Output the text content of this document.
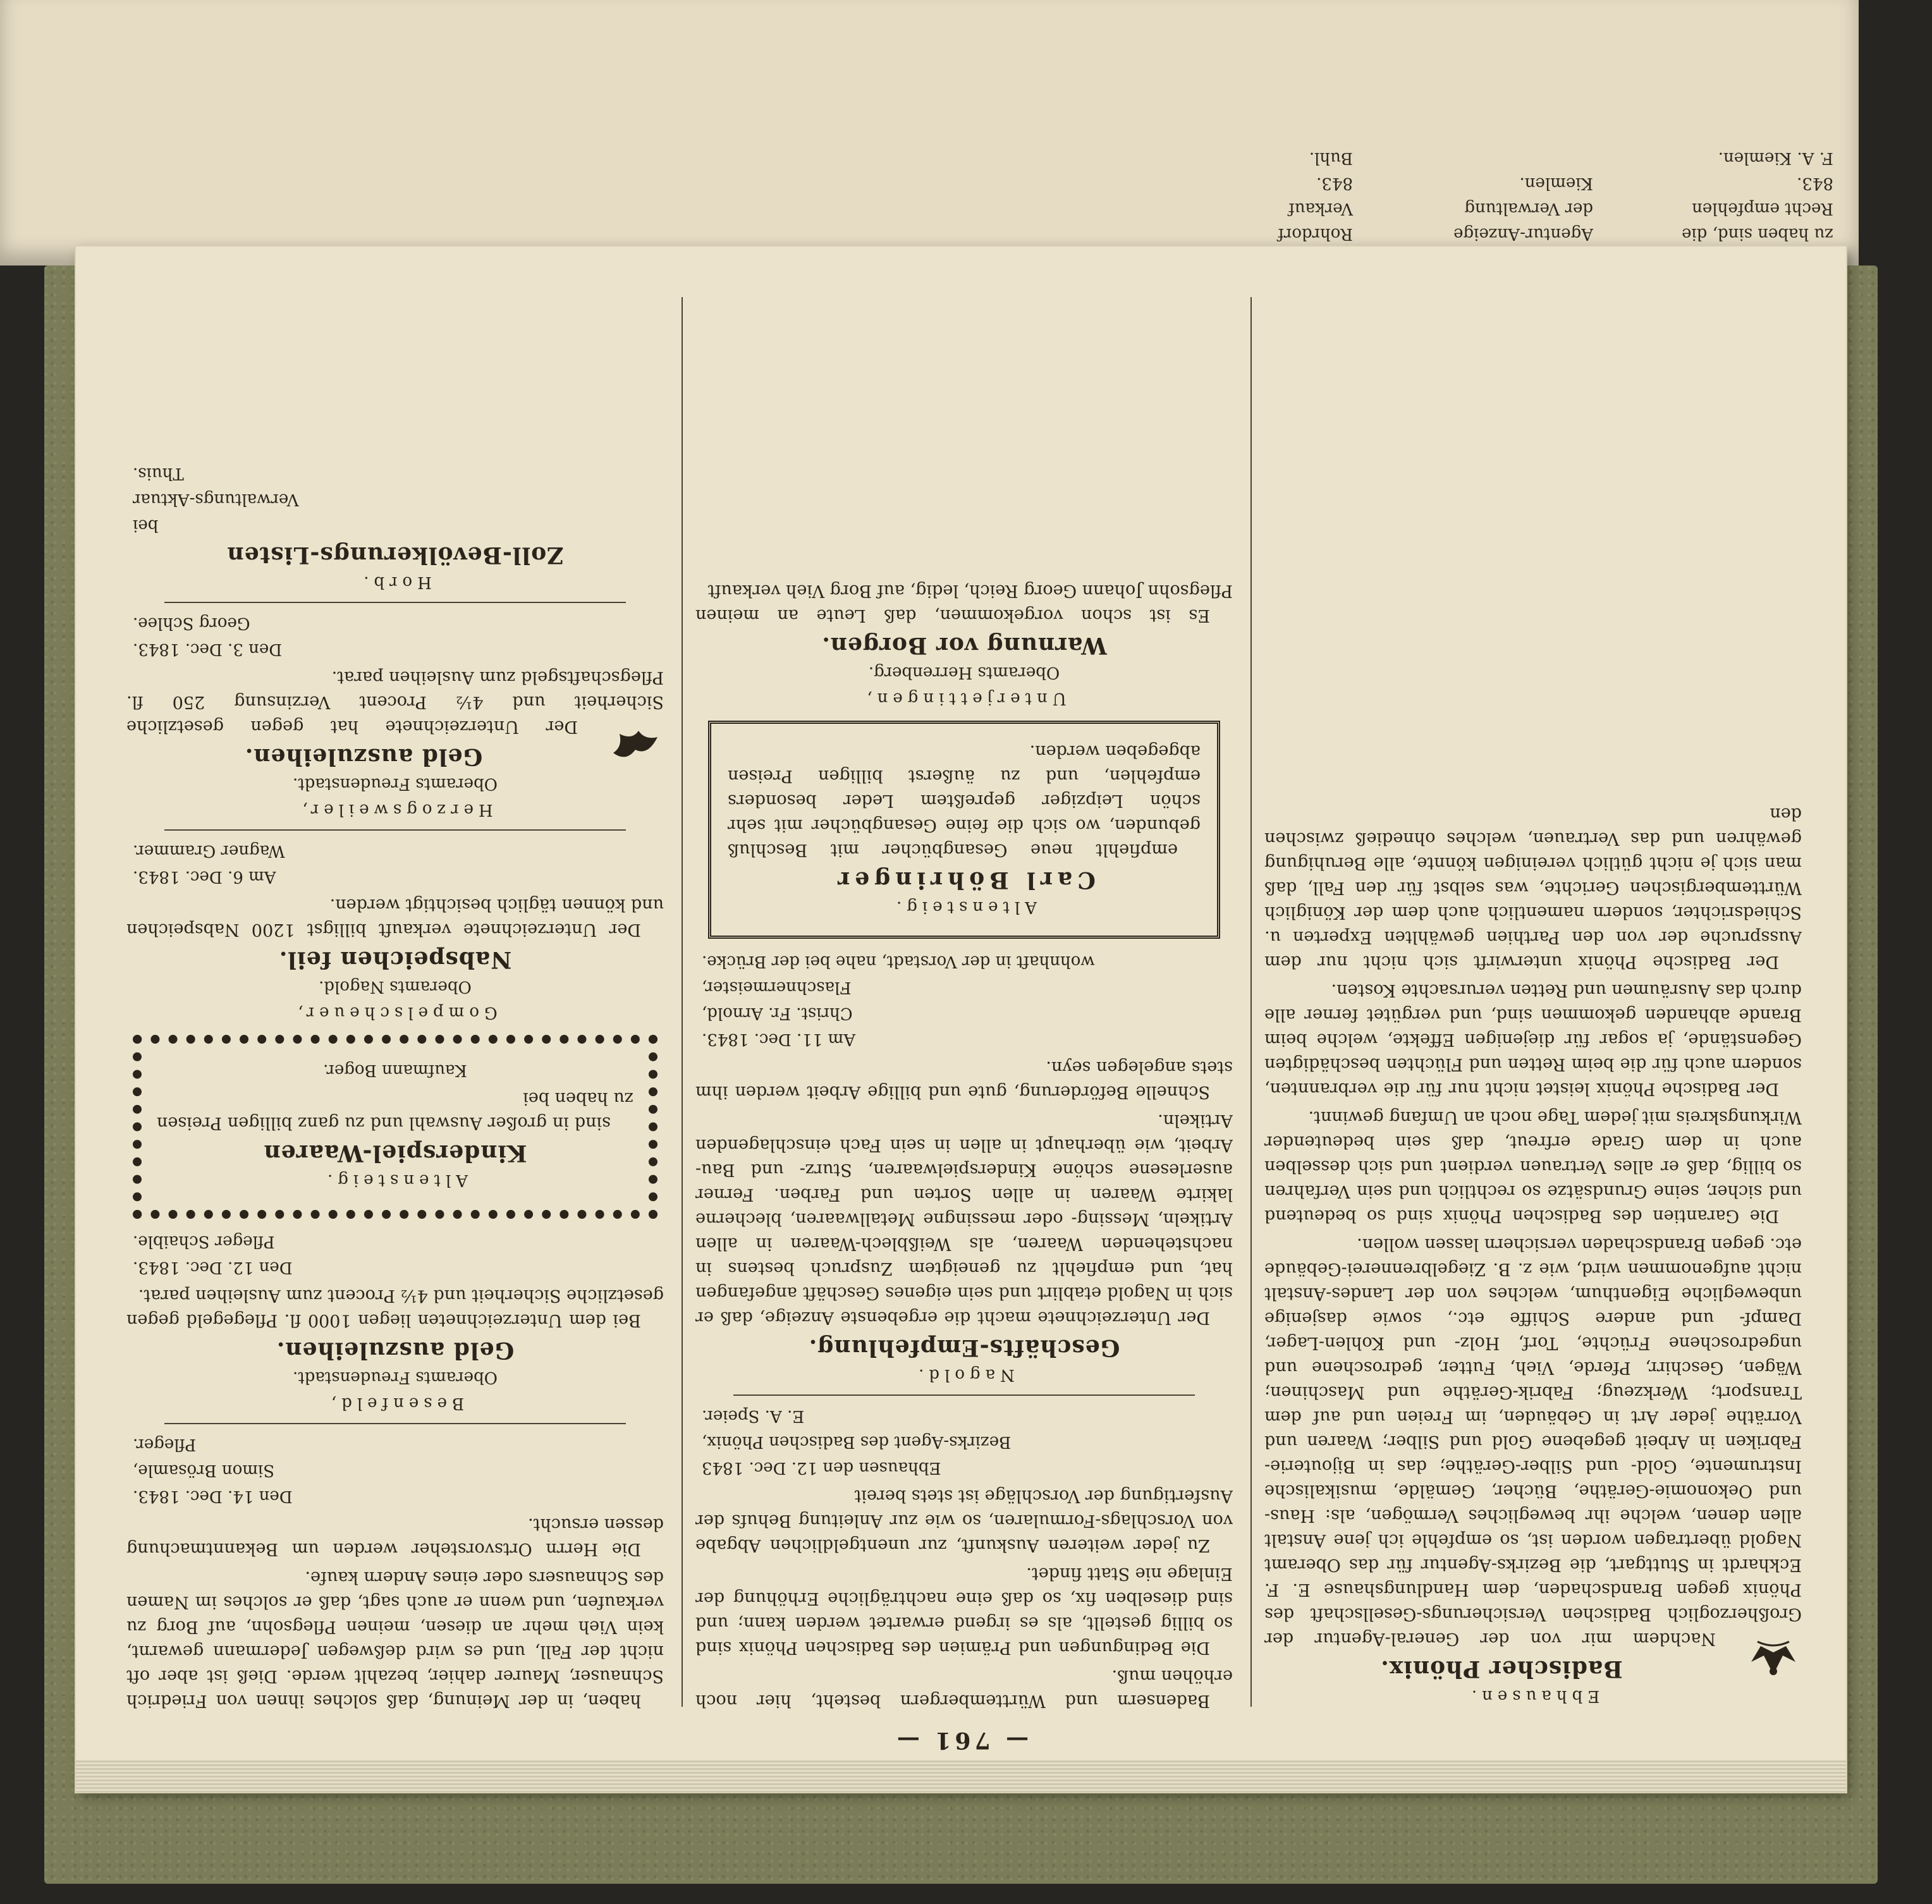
zu haben sind, die
Recht empfehlen
843.
F. A. Kiemlen.
Agentur-Anzeige
der Verwaltung
Kiemlen.
Rohrdorf
Verkauf
843.
Buhl.
— 761 —
Ebhausen.
Badischer Phönix.

Nachdem mir von der General-Agentur der Großherzoglich Badischen Versicherungs-Gesellschaft des Phönix gegen Brandschaden, dem Handlungshause E. F. Eckhardt in Stuttgart, die Bezirks-Agentur für das Oberamt Nagold übertragen worden ist, so empfehle ich jene Anstalt allen denen, welche ihr bewegliches Vermögen, als: Haus- und Oekonomie-Geräthe, Bücher, Gemälde, musikalische Instrumente, Gold- und Silber-Geräthe; das in Bijouterie-Fabriken in Arbeit gegebene Gold und Silber; Waaren und Vorräthe jeder Art in Gebäuden, im Freien und auf dem Transport; Werkzeug; Fabrik-Geräthe und Maschinen; Wägen, Geschirr, Pferde, Vieh, Futter, gedroschene und ungedroschene Früchte, Torf, Holz- und Kohlen-Lager, Dampf- und andere Schiffe etc., sowie dasjenige unbewegliche Eigenthum, welches von der Landes-Anstalt nicht aufgenommen wird, wie z. B. Ziegelbrennerei-Gebäude etc. gegen Brandschaden versichern lassen wollen.

Die Garantien des Badischen Phönix sind so bedeutend und sicher, seine Grundsätze so rechtlich und sein Verfahren so billig, daß er alles Vertrauen verdient und sich desselben auch in dem Grade erfreut, daß sein bedeutender Wirkungskreis mit jedem Tage noch an Umfang gewinnt.

Der Badische Phönix leistet nicht nur für die verbrannten, sondern auch für die beim Retten und Flüchten beschädigten Gegenstände, ja sogar für diejenigen Effekte, welche beim Brande abhanden gekommen sind, und vergütet ferner alle durch das Ausräumen und Retten verursachte Kosten.

Der Badische Phönix unterwirft sich nicht nur dem Ausspruche der von den Parthien gewählten Experten u. Schiedsrichter, sondern namentlich auch dem der Königlich Württembergischen Gerichte, was selbst für den Fall, daß man sich je nicht gütlich vereinigen könnte, alle Beruhigung gewähren und das Vertrauen, welches ohnedieß zwischen den

Badensern und Württembergern besteht, hier noch erhöhen muß.

Die Bedingungen und Prämien des Badischen Phönix sind so billig gestellt, als es irgend erwartet werden kann; und sind dieselben fix, so daß eine nachträgliche Erhöhung der Einlage nie Statt findet.

Zu jeder weiteren Auskunft, zur unentgeldlichen Abgabe von Vorschlags-Formularen, so wie zur Anleitung Behufs der Ausfertigung der Vorschläge ist stets bereit

Ebhausen den 12. Dec. 1843
Bezirks-Agent des Badischen Phönix,
E. A. Speier.
Nagold.
Geschäfts-Empfehlung.

Der Unterzeichnete macht die ergebenste Anzeige, daß er sich in Nagold etablirt und sein eigenes Geschäft angefangen hat, und empfiehlt zu geneigtem Zuspruch bestens in nachstehenden Waaren, als Weißblech-Waaren in allen Artikeln, Messing- oder messingne Metallwaaren, blecherne lakirte Waaren in allen Sorten und Farben. Ferner auserlesene schöne Kinderspielwaaren, Sturz- und Bau-Arbeit, wie überhaupt in allen in sein Fach einschlagenden Artikeln.

Schnelle Beförderung, gute und billige Arbeit werden ihm stets angelegen seyn.

Am 11. Dec. 1843.
Christ. Fr. Arnold,
Flaschnermeister,
wohnhaft in der Vorstadt, nahe bei der Brücke.
Altensteig.
Carl Böhringer

empfiehlt neue Gesangbücher mit Beschluß gebunden, wo sich die feine Gesangbücher mit sehr schön Leipziger gepreßtem Leder besonders empfehlen, und zu äußerst billigen Preisen abgegeben werden.

Unterjettingen,
Oberamts Herrenberg.
Warnung vor Borgen.

Es ist schon vorgekommen, daß Leute an meinen Pflegsohn Johann Georg Reich, ledig, auf Borg Vieh verkauft

haben, in der Meinung, daß solches ihnen von Friedrich Schnauser, Maurer dahier, bezahlt werde. Dieß ist aber oft nicht der Fall, und es wird deßwegen Jedermann gewarnt, kein Vieh mehr an diesen, meinen Pflegsohn, auf Borg zu verkaufen, und wenn er auch sagt, daß er solches im Namen des Schnausers oder eines Andern kaufe.

Die Herrn Ortsvorsteher werden um Bekanntmachung dessen ersucht.

Den 14. Dec. 1843.
Simon Brösamle,
Pfleger.
Besenfeld,
Oberamts Freudenstadt.
Geld auszuleihen.

Bei dem Unterzeichneten liegen 1000 fl. Pflegegeld gegen gesetzliche Sicherheit und 4½ Procent zum Ausleihen parat.

Den 12. Dec. 1843.
Pfleger Schaible.
Altensteig.
Kinderspiel-Waaren

sind in großer Auswahl und zu ganz billigen Preisen zu haben bei

Kaufmann Boger.
Gompelscheuer,
Oberamts Nagold.
Nabspeichen feil.

Der Unterzeichnete verkauft billigst 1200 Nabspeichen und können täglich besichtigt werden.

Am 6. Dec. 1843.
Wagner Grammer.
Herzogsweiler,
Oberamts Freudenstadt.
Geld auszuleihen.

Der Unterzeichnete hat gegen gesetzliche Sicherheit und 4½ Procent Verzinsung 250 fl. Pflegschaftsgeld zum Ausleihen parat.

Den 3. Dec. 1843.
Georg Schlee.
Horb.
Zoll-Bevölkerungs-Listen
bei
Verwaltungs-Aktuar
Thuis.
